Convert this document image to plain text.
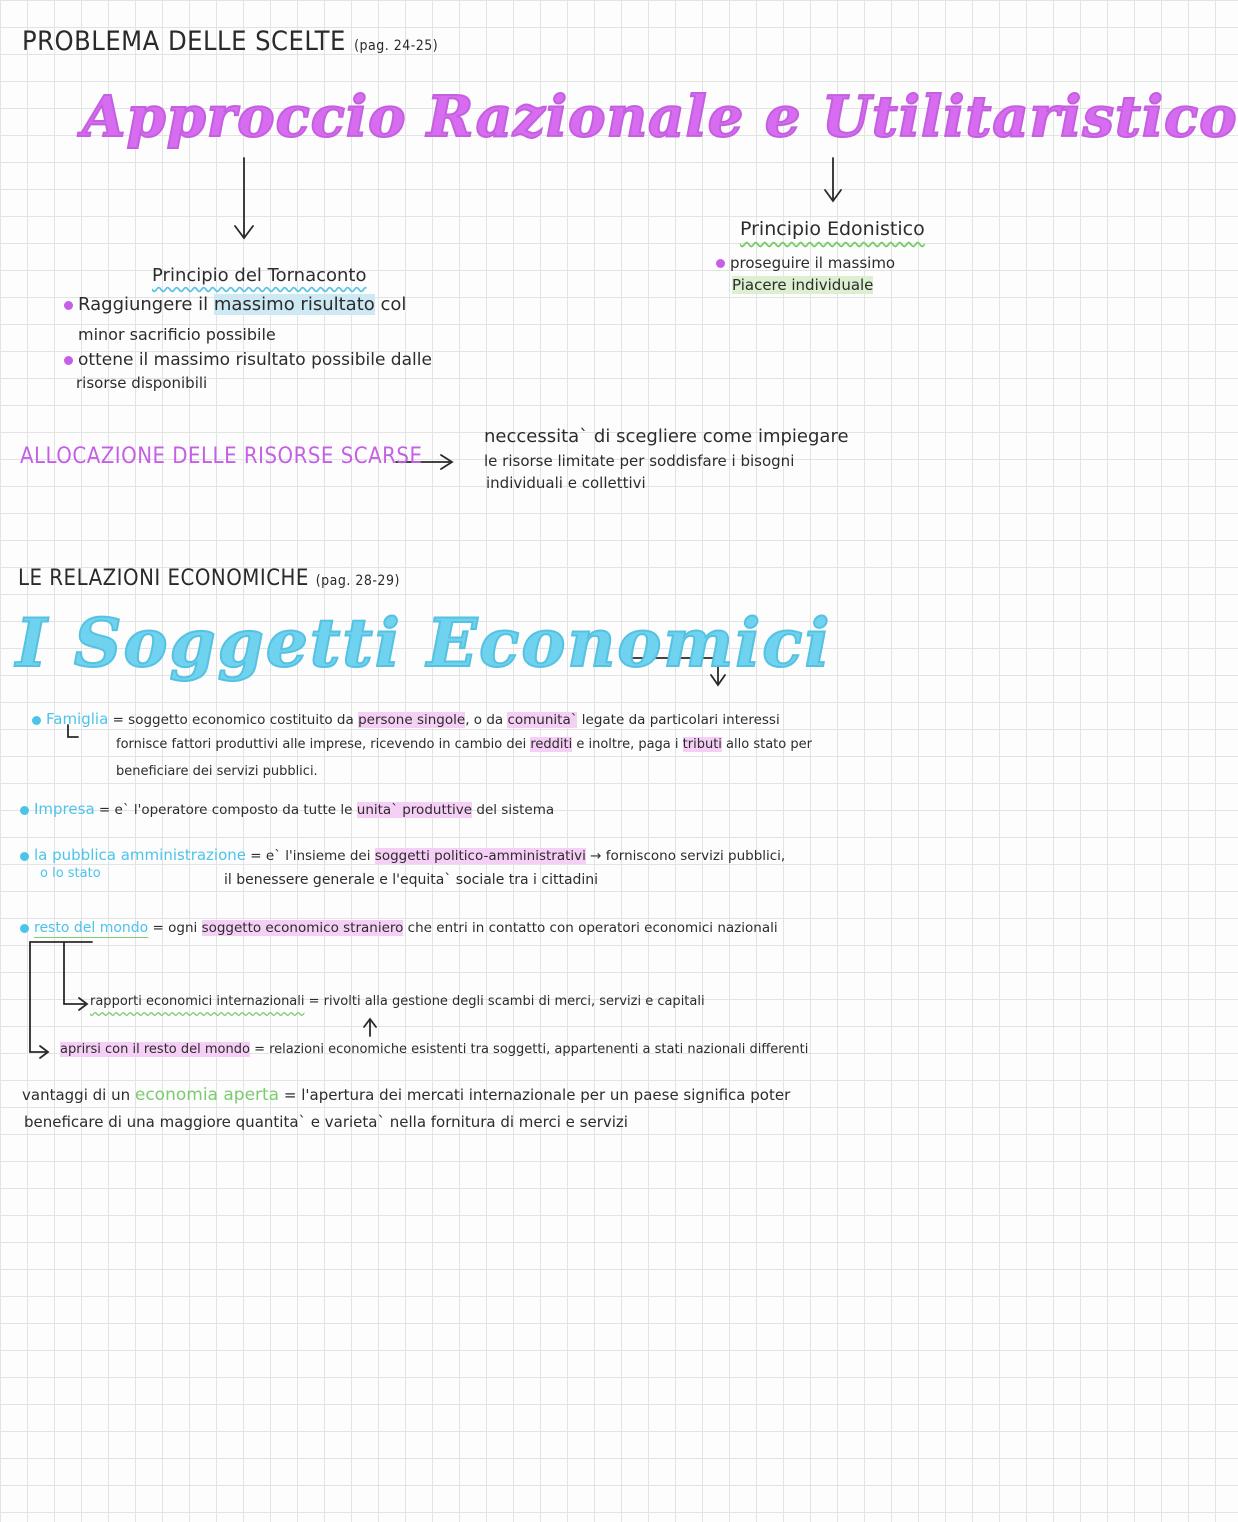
PROBLEMA DELLE SCELTE (pag. 24-25)
Approccio Razionale e Utilitaristico
Principio del Tornaconto
Raggiungere il massimo risultato col
minor sacrificio possibile
ottene il massimo risultato possibile dalle
risorse disponibili
Principio Edonistico
proseguire il massimo
Piacere individuale
ALLOCAZIONE DELLE RISORSE SCARSE
neccessita` di scegliere come impiegare
le risorse limitate per soddisfare i bisogni
individuali e collettivi
LE RELAZIONI ECONOMICHE (pag. 28-29)
I Soggetti Economici
Famiglia = soggetto economico costituito da persone singole, o da comunita` legate da particolari interessi
fornisce fattori produttivi alle imprese, ricevendo in cambio dei redditi e inoltre, paga i tributi allo stato per
beneficiare dei servizi pubblici.
Impresa = e` l'operatore composto da tutte le unita` produttive del sistema
la pubblica amministrazione = e` l'insieme dei soggetti politico-amministrativi → forniscono servizi pubblici,
o lo stato	il benessere generale e l'equita` sociale tra i cittadini
resto del mondo = ogni soggetto economico straniero che entri in contatto con operatori economici nazionali
rapporti economici internazionali = rivolti alla gestione degli scambi di merci, servizi e capitali
aprirsi con il resto del mondo = relazioni economiche esistenti tra soggetti, appartenenti a stati nazionali differenti
vantaggi di un economia aperta = l'apertura dei mercati internazionale per un paese significa poter
beneficare di una maggiore quantita` e varieta` nella fornitura di merci e servizi
